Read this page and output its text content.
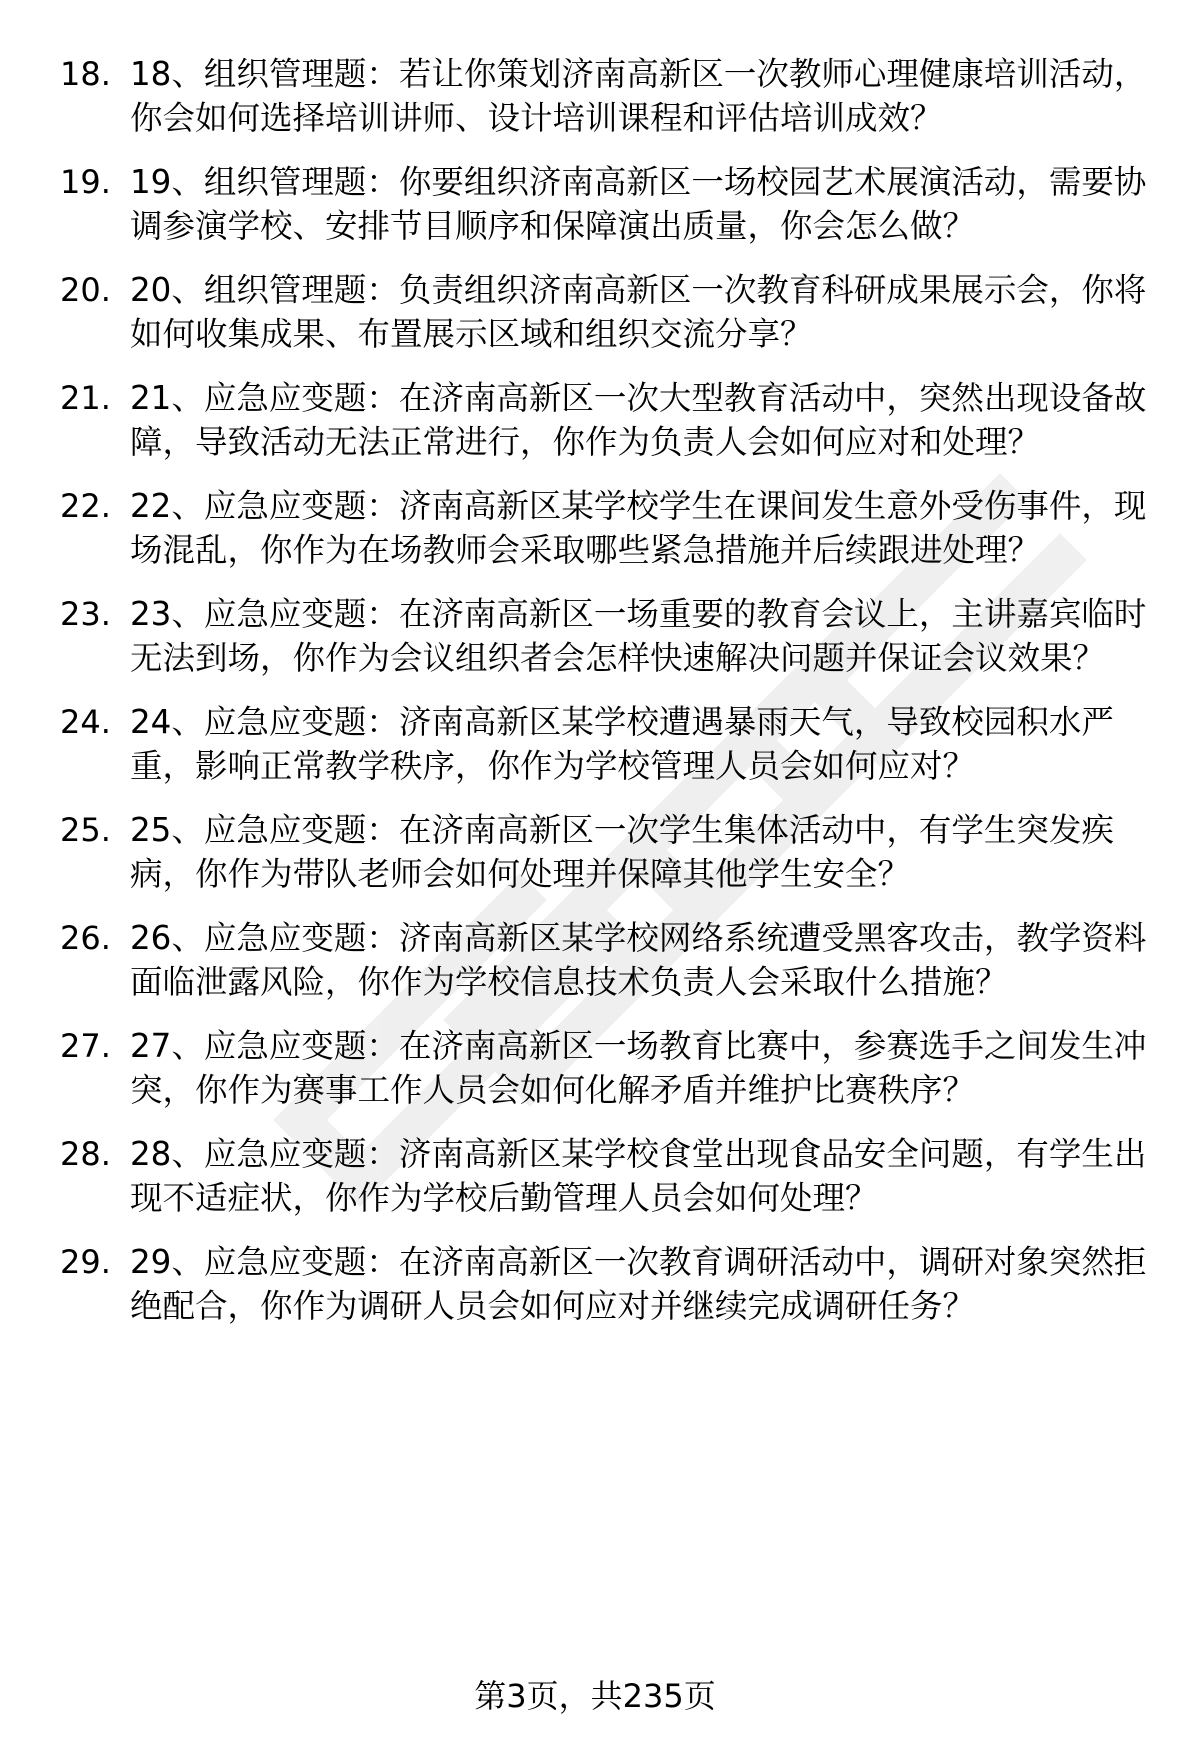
18. 18、组织管理题：若让你策划济南高新区一次教师心理健康培训活动，你会如何选择培训讲师、设计培训课程和评估培训成效？
19. 19、组织管理题：你要组织济南高新区一场校园艺术展演活动，需要协调参演学校、安排节目顺序和保障演出质量，你会怎么做？
20. 20、组织管理题：负责组织济南高新区一次教育科研成果展示会，你将如何收集成果、布置展示区域和组织交流分享？
21. 21、应急应变题：在济南高新区一次大型教育活动中，突然出现设备故障，导致活动无法正常进行，你作为负责人会如何应对和处理？
22. 22、应急应变题：济南高新区某学校学生在课间发生意外受伤事件，现场混乱，你作为在场教师会采取哪些紧急措施并后续跟进处理？
23. 23、应急应变题：在济南高新区一场重要的教育会议上，主讲嘉宾临时无法到场，你作为会议组织者会怎样快速解决问题并保证会议效果？
24. 24、应急应变题：济南高新区某学校遭遇暴雨天气，导致校园积水严重，影响正常教学秩序，你作为学校管理人员会如何应对？
25. 25、应急应变题：在济南高新区一次学生集体活动中，有学生突发疾病，你作为带队老师会如何处理并保障其他学生安全？
26. 26、应急应变题：济南高新区某学校网络系统遭受黑客攻击，教学资料面临泄露风险，你作为学校信息技术负责人会采取什么措施？
27. 27、应急应变题：在济南高新区一场教育比赛中，参赛选手之间发生冲突，你作为赛事工作人员会如何化解矛盾并维护比赛秩序？
28. 28、应急应变题：济南高新区某学校食堂出现食品安全问题，有学生出现不适症状，你作为学校后勤管理人员会如何处理？
29. 29、应急应变题：在济南高新区一次教育调研活动中，调研对象突然拒绝配合，你作为调研人员会如何应对并继续完成调研任务？
第3页，共235页
